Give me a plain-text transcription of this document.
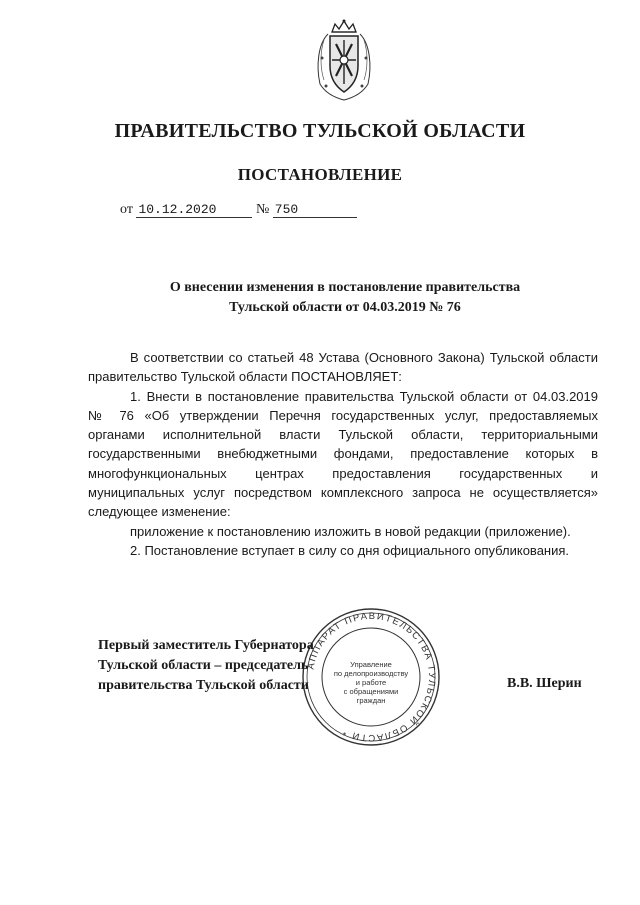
ПРАВИТЕЛЬСТВО ТУЛЬСКОЙ ОБЛАСТИ
ПОСТАНОВЛЕНИЕ
от 10.12.2020	№ 750
О внесении изменения в постановление правительства
Тульской области от 04.03.2019 № 76

В соответствии со статьей 48 Устава (Основного Закона) Тульской области правительство Тульской области ПОСТАНОВЛЯЕТ:

1. Внести в постановление правительства Тульской области от 04.03.2019 № 76 «Об утверждении Перечня государственных услуг, предоставляемых органами исполнительной власти Тульской области, территориальными государственными внебюджетными фондами, предоставление которых в многофункциональных центрах предоставления государственных и муниципальных услуг посредством комплексного запроса не осуществляется» следующее изменение:

приложение к постановлению изложить в новой редакции (приложение).

2. Постановление вступает в силу со дня официального опубликования.

АППАРАТ ПРАВИТЕЛЬСТВА ТУЛЬСКОЙ ОБЛАСТИ *
Управление
по делопроизводству
и работе
с обращениями
граждан
Первый заместитель Губернатора
Тульской области – председатель
правительства Тульской области	В.В. Шерин
